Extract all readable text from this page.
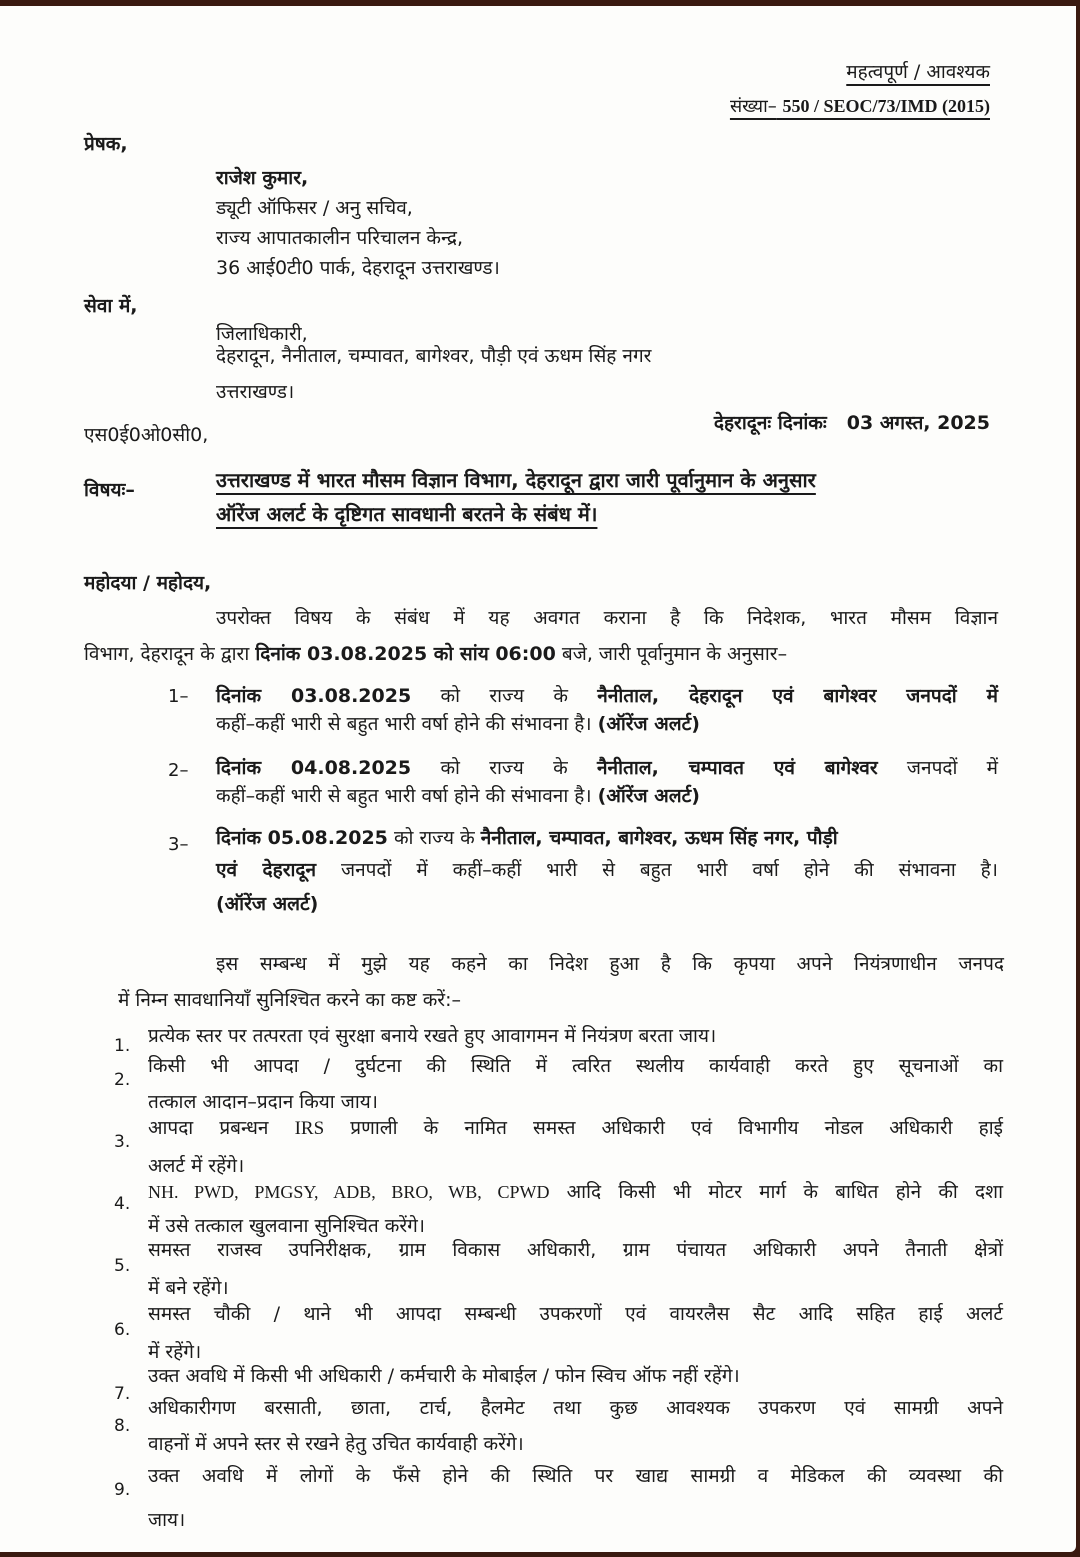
महत्वपूर्ण / आवश्यक
संख्या– 550 / SEOC/73/IMD (2015)
प्रेषक,
राजेश कुमार,
ड्यूटी ऑफिसर / अनु सचिव,
राज्य आपातकालीन परिचालन केन्द्र,
36 आई0टी0 पार्क, देहरादून उत्तराखण्ड।
सेवा में,
जिलाधिकारी,
देहरादून, नैनीताल, चम्पावत, बागेश्वर, पौड़ी एवं ऊधम सिंह नगर
उत्तराखण्ड।
एस0ई0ओ0सी0,
देहरादूनः दिनांकः 03 अगस्त, 2025
विषयः–	उत्तराखण्ड में भारत मौसम विज्ञान विभाग, देहरादून द्वारा जारी पूर्वानुमान के अनुसार
ऑरेंज अलर्ट के दृष्टिगत सावधानी बरतने के संबंध में।
महोदया / महोदय,
उपरोक्त विषय के संबंध में यह अवगत कराना है कि निदेशक, भारत मौसम विज्ञान
विभाग, देहरादून के द्वारा दिनांक 03.08.2025 को सांय 06:00 बजे, जारी पूर्वानुमान के अनुसार–
1– दिनांक 03.08.2025 को राज्य के नैनीताल, देहरादून एवं बागेश्वर जनपदों में
कहीं–कहीं भारी से बहुत भारी वर्षा होने की संभावना है। (ऑरेंज अलर्ट)
2– दिनांक 04.08.2025 को राज्य के नैनीताल, चम्पावत एवं बागेश्वर जनपदों में
कहीं–कहीं भारी से बहुत भारी वर्षा होने की संभावना है। (ऑरेंज अलर्ट)
3– दिनांक 05.08.2025 को राज्य के नैनीताल, चम्पावत, बागेश्वर, ऊधम सिंह नगर, पौड़ी
एवं देहरादून जनपदों में कहीं–कहीं भारी से बहुत भारी वर्षा होने की संभावना है।
(ऑरेंज अलर्ट)
इस सम्बन्ध में मुझे यह कहने का निदेश हुआ है कि कृपया अपने नियंत्रणाधीन जनपद
में निम्न सावधानियाँ सुनिश्चित करने का कष्ट करें:–
1. प्रत्येक स्तर पर तत्परता एवं सुरक्षा बनाये रखते हुए आवागमन में नियंत्रण बरता जाय।
2.
किसी भी आपदा / दुर्घटना की स्थिति में त्वरित स्थलीय कार्यवाही करते हुए सूचनाओं का
तत्काल आदान–प्रदान किया जाय।
3.
आपदा प्रबन्धन IRS प्रणाली के नामित समस्त अधिकारी एवं विभागीय नोडल अधिकारी हाई
अलर्ट में रहेंगे।
4.
NH. PWD, PMGSY, ADB, BRO, WB, CPWD आदि किसी भी मोटर मार्ग के बाधित होने की दशा
में उसे तत्काल खुलवाना सुनिश्चित करेंगे।
5.
समस्त राजस्व उपनिरीक्षक, ग्राम विकास अधिकारी, ग्राम पंचायत अधिकारी अपने तैनाती क्षेत्रों
में बने रहेंगे।
6.
समस्त चौकी / थाने भी आपदा सम्बन्धी उपकरणों एवं वायरलैस सैट आदि सहित हाई अलर्ट
में रहेंगे।
7.
उक्त अवधि में किसी भी अधिकारी / कर्मचारी के मोबाईल / फोन स्विच ऑफ नहीं रहेंगे।
8.
अधिकारीगण बरसाती, छाता, टार्च, हैलमेट तथा कुछ आवश्यक उपकरण एवं सामग्री अपने
वाहनों में अपने स्तर से रखने हेतु उचित कार्यवाही करेंगे।
9.
उक्त अवधि में लोगों के फँसे होने की स्थिति पर खाद्य सामग्री व मेडिकल की व्यवस्था की
जाय।
